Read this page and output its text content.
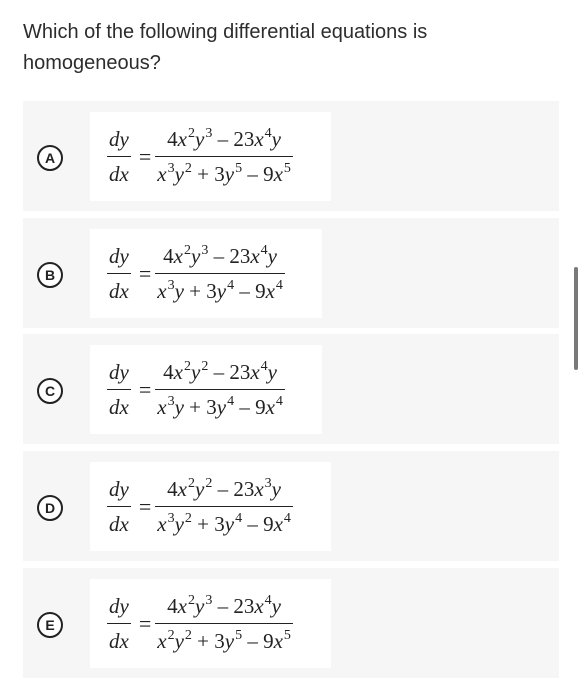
Which of the following differential equations is
homogeneous?
A	$\frac{dy}{dx} = \frac{4x^2y^3 - 23x^4y}{x^3y^2 + 3y^5 - 9x^5}$
B	$\frac{dy}{dx} = \frac{4x^2y^3 - 23x^4y}{x^3y + 3y^4 - 9x^4}$
C	$\frac{dy}{dx} = \frac{4x^2y^2 - 23x^4y}{x^3y + 3y^4 - 9x^4}$
D	$\frac{dy}{dx} = \frac{4x^2y^2 - 23x^3y}{x^3y^2 + 3y^4 - 9x^4}$
E	$\frac{dy}{dx} = \frac{4x^2y^3 - 23x^4y}{x^2y^2 + 3y^5 - 9x^5}$
